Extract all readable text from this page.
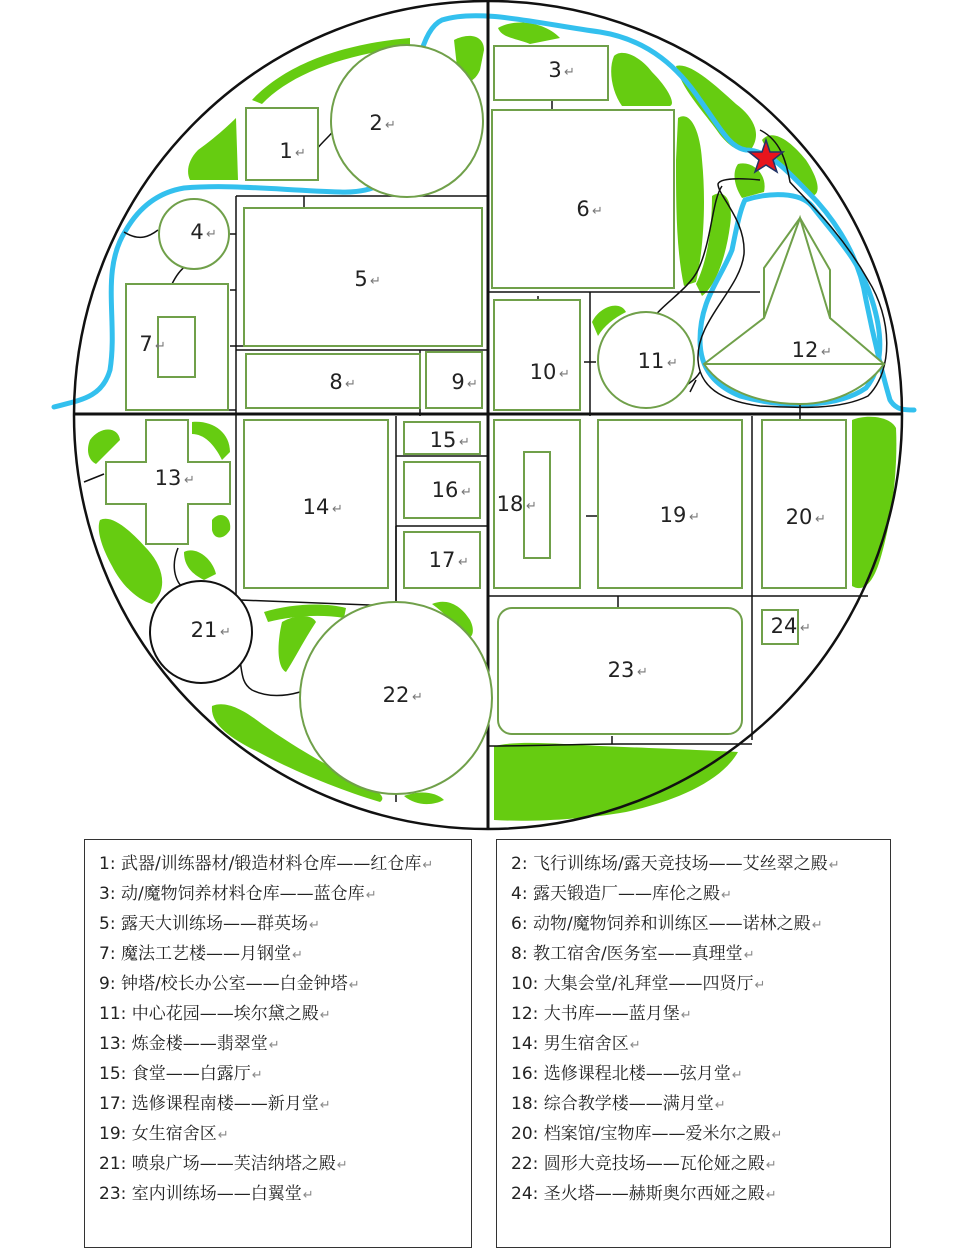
1 ↵
2 ↵
3 ↵
4 ↵
5 ↵
6 ↵
7 ↵
8 ↵	9 ↵
10 ↵
11 ↵
12 ↵
13 ↵
14 ↵
15 ↵
16 ↵
17 ↵
18 ↵	19 ↵	20 ↵
21 ↵
22 ↵
23 ↵
24 ↵
1: 武器/训练器材/锻造材料仓库——红仓库↵
3: 动/魔物饲养材料仓库——蓝仓库↵
5: 露天大训练场——群英场↵
7: 魔法工艺楼——月钢堂↵
9: 钟塔/校长办公室——白金钟塔↵
11: 中心花园——埃尔黛之殿↵
13: 炼金楼——翡翠堂↵
15: 食堂——白露厅↵
17: 选修课程南楼——新月堂↵
19: 女生宿舍区↵
21: 喷泉广场——芙洁纳塔之殿↵
23: 室内训练场——白翼堂↵
2: 飞行训练场/露天竞技场——艾丝翠之殿↵
4: 露天锻造厂——库伦之殿↵
6: 动物/魔物饲养和训练区——诺林之殿↵
8: 教工宿舍/医务室——真理堂↵
10: 大集会堂/礼拜堂——四贤厅↵
12: 大书库——蓝月堡↵
14: 男生宿舍区↵
16: 选修课程北楼——弦月堂↵
18: 综合教学楼——满月堂↵
20: 档案馆/宝物库——爱米尔之殿↵
22: 圆形大竞技场——瓦伦娅之殿↵
24: 圣火塔——赫斯奥尔西娅之殿↵
